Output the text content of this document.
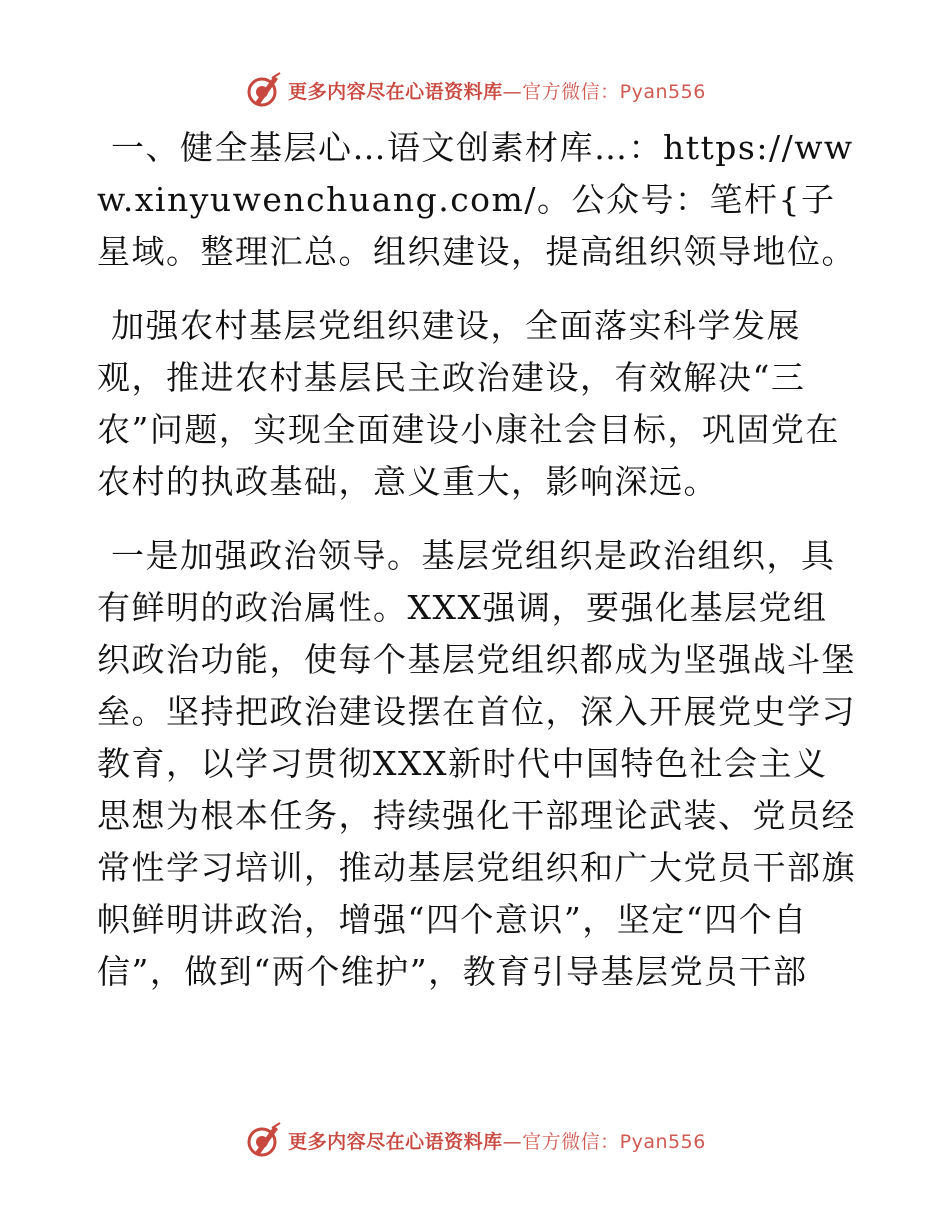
更多内容尽在心语资料库—官方微信：Pyan556

一、健全基层心…语文创素材库…：https://www.xinyuwenchuang.com/。公众号：笔杆{子星域。整理汇总。组织建设，提高组织领导地位。

加强农村基层党组织建设，全面落实科学发展观，推进农村基层民主政治建设，有效解决“三农”问题，实现全面建设小康社会目标，巩固党在农村的执政基础，意义重大，影响深远。

一是加强政治领导。基层党组织是政治组织，具有鲜明的政治属性。XXX强调，要强化基层党组织政治功能，使每个基层党组织都成为坚强战斗堡垒。坚持把政治建设摆在首位，深入开展党史学习教育，以学习贯彻XXX新时代中国特色社会主义思想为根本任务，持续强化干部理论武装、党员经常性学习培训，推动基层党组织和广大党员干部旗帜鲜明讲政治，增强“四个意识”，坚定“四个自信”，做到“两个维护”，教育引导基层党员干部

更多内容尽在心语资料库—官方微信：Pyan556
